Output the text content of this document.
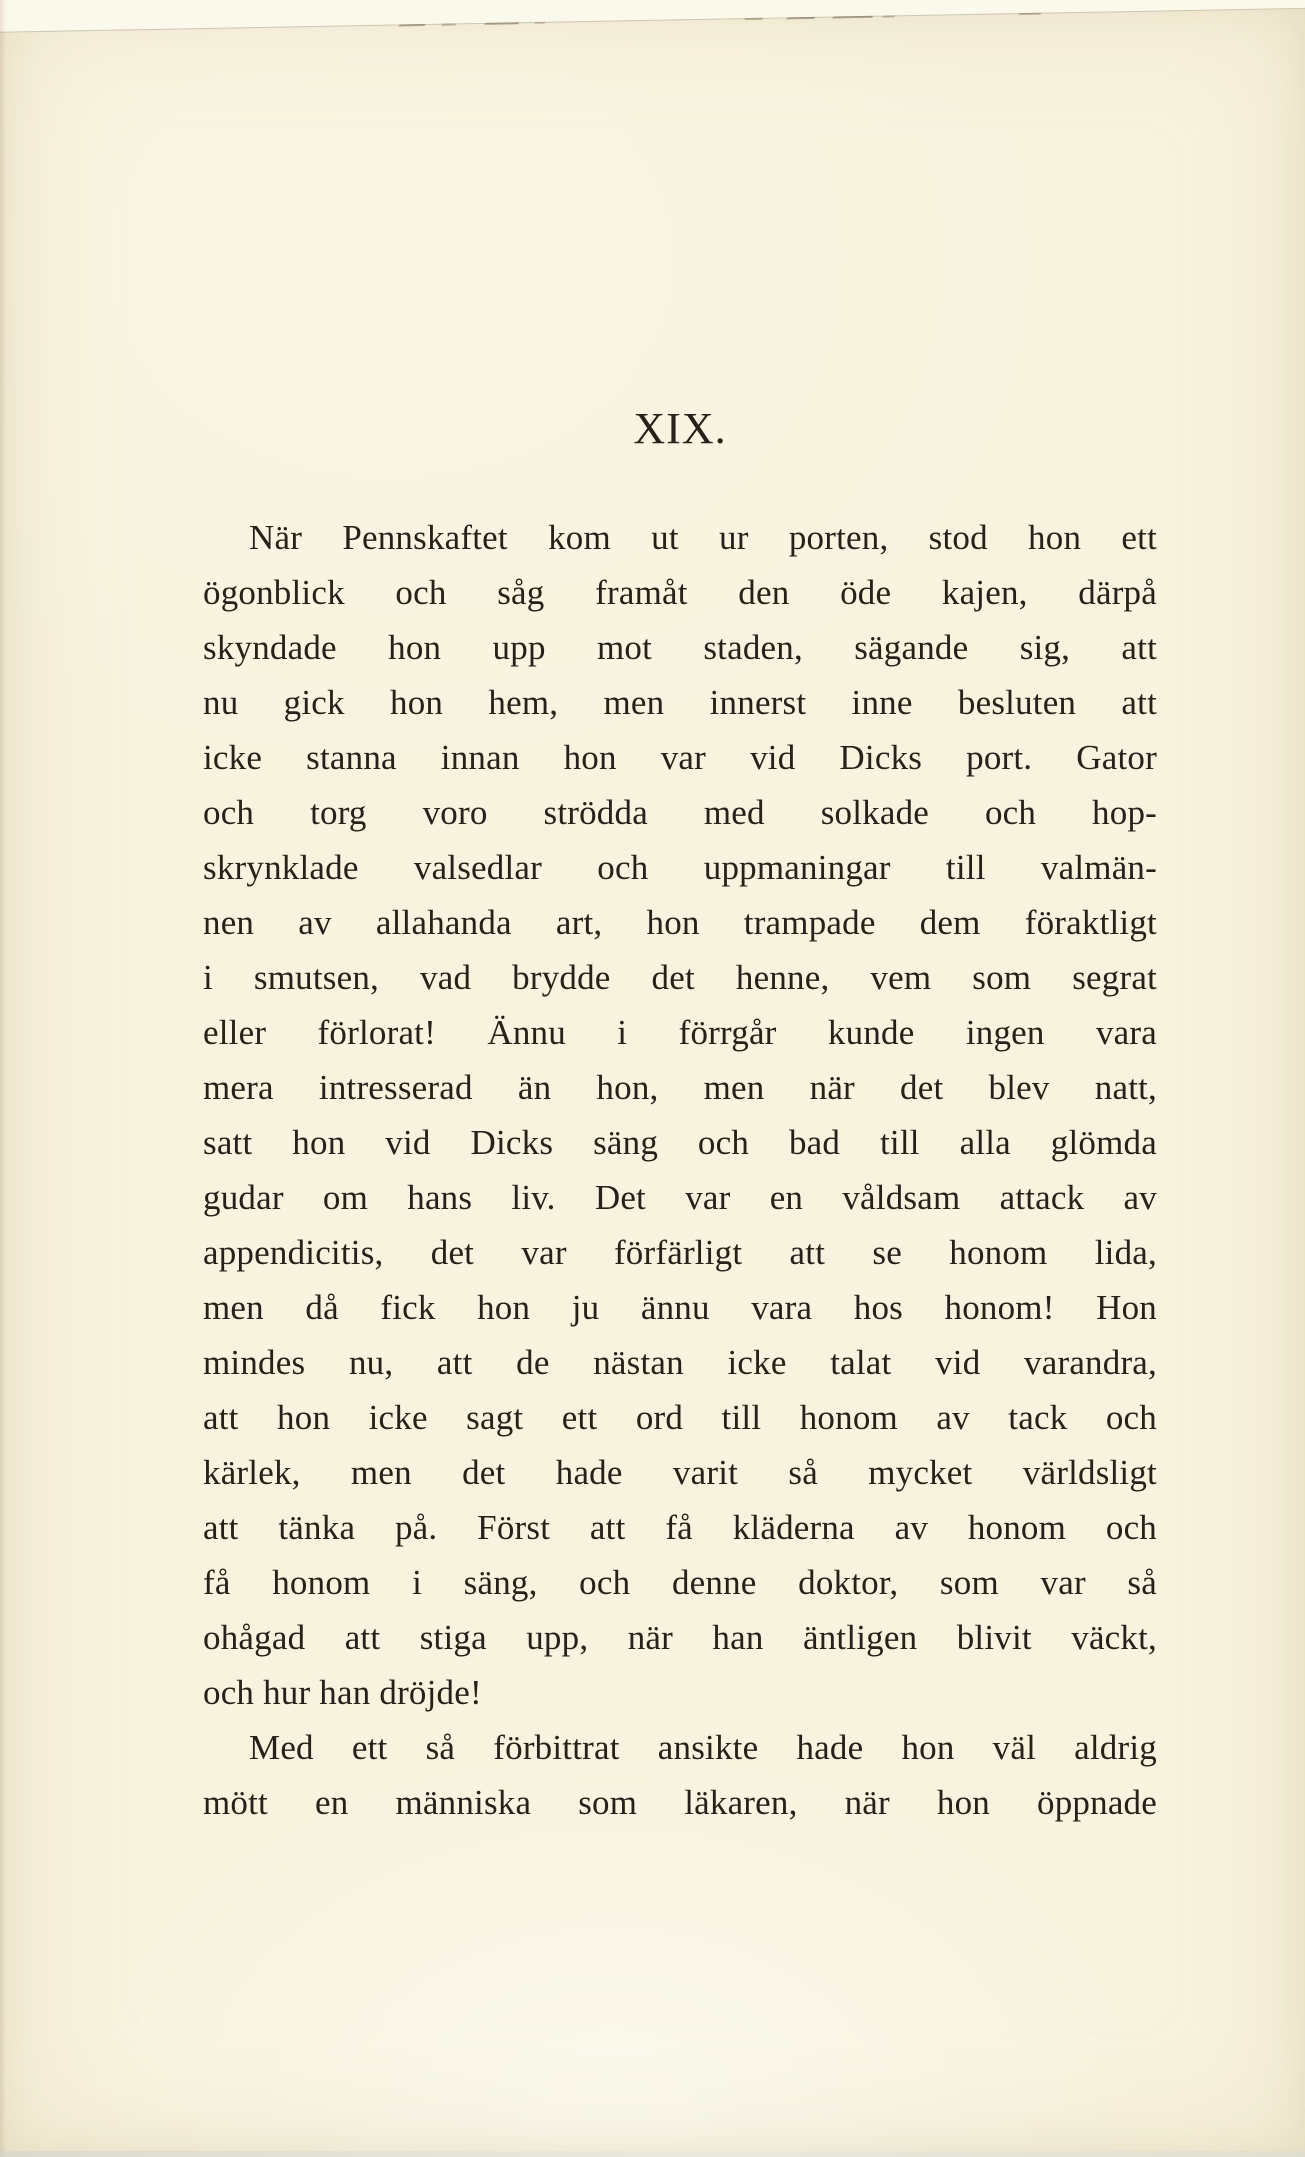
XIX.
När Pennskaftet kom ut ur porten, stod hon ett
ögonblick och såg framåt den öde kajen, därpå
skyndade hon upp mot staden, sägande sig, att
nu gick hon hem, men innerst inne besluten att
icke stanna innan hon var vid Dicks port. Gator
och torg voro strödda med solkade och hop-
skrynklade valsedlar och uppmaningar till valmän-
nen av allahanda art, hon trampade dem föraktligt
i smutsen, vad brydde det henne, vem som segrat
eller förlorat! Ännu i förrgår kunde ingen vara
mera intresserad än hon, men när det blev natt,
satt hon vid Dicks säng och bad till alla glömda
gudar om hans liv. Det var en våldsam attack av
appendicitis, det var förfärligt att se honom lida,
men då fick hon ju ännu vara hos honom! Hon
mindes nu, att de nästan icke talat vid varandra,
att hon icke sagt ett ord till honom av tack och
kärlek, men det hade varit så mycket världsligt
att tänka på. Först att få kläderna av honom och
få honom i säng, och denne doktor, som var så
ohågad att stiga upp, när han äntligen blivit väckt,
och hur han dröjde!
Med ett så förbittrat ansikte hade hon väl aldrig
mött en människa som läkaren, när hon öppnade
